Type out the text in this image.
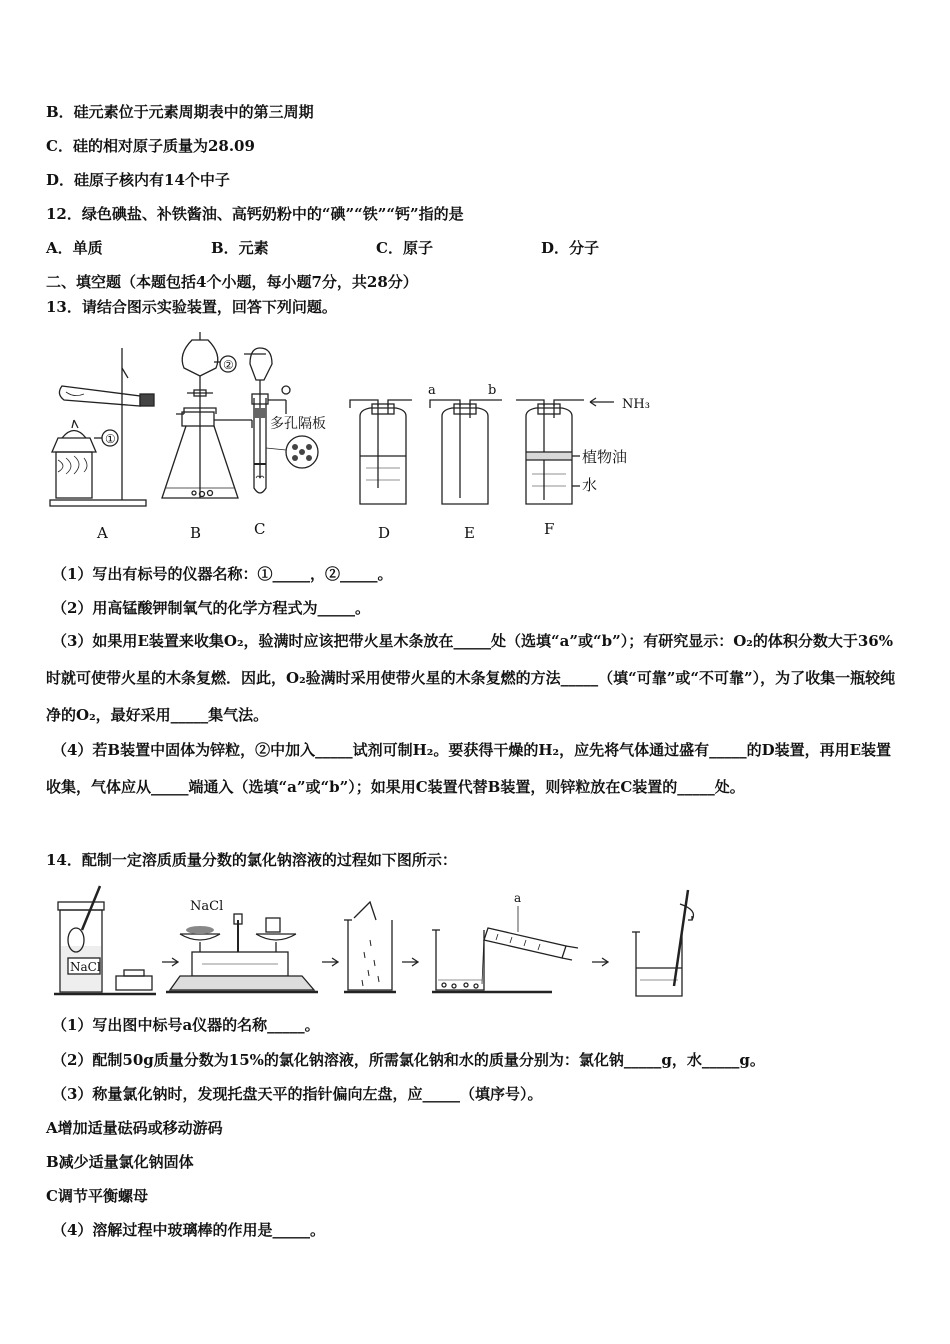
B．硅元素位于元素周期表中的第三周期
C．硅的相对原子质量为28.09
D．硅原子核内有14个中子
12．绿色碘盐、补铁酱油、高钙奶粉中的“碘”“铁”“钙”指的是
A．单质	B．元素	C．原子	D．分子
二、填空题（本题包括4个小题，每小题7分，共28分）
13．请结合图示实验装置，回答下列问题。
①
②
多孔隔板
a	b
NH₃
植物油
水
A	B	C	D	E	F
（1）写出有标号的仪器名称：①_____，②_____。
（2）用高锰酸钾制氧气的化学方程式为_____。
（3）如果用E装置来收集O₂，验满时应该把带火星木条放在_____处（选填“a”或“b”）；有研究显示：O₂的体积分数大于36%时就可使带火星的木条复燃．因此，O₂验满时采用使带火星的木条复燃的方法_____（填“可靠”或“不可靠”），为了收集一瓶较纯净的O₂，最好采用_____集气法。
（4）若B装置中固体为锌粒，②中加入_____试剂可制H₂。要获得干燥的H₂，应先将气体通过盛有_____的D装置，再用E装置收集，气体应从_____端通入（选填“a”或“b”）；如果用C装置代替B装置，则锌粒放在C装置的_____处。
14．配制一定溶质质量分数的氯化钠溶液的过程如下图所示：
NaCl
NaCl
a
（1）写出图中标号a仪器的名称_____。
（2）配制50g质量分数为15%的氯化钠溶液，所需氯化钠和水的质量分别为：氯化钠_____g，水_____g。
（3）称量氯化钠时，发现托盘天平的指针偏向左盘，应_____（填序号）。
A增加适量砝码或移动游码
B减少适量氯化钠固体
C调节平衡螺母
（4）溶解过程中玻璃棒的作用是_____。
